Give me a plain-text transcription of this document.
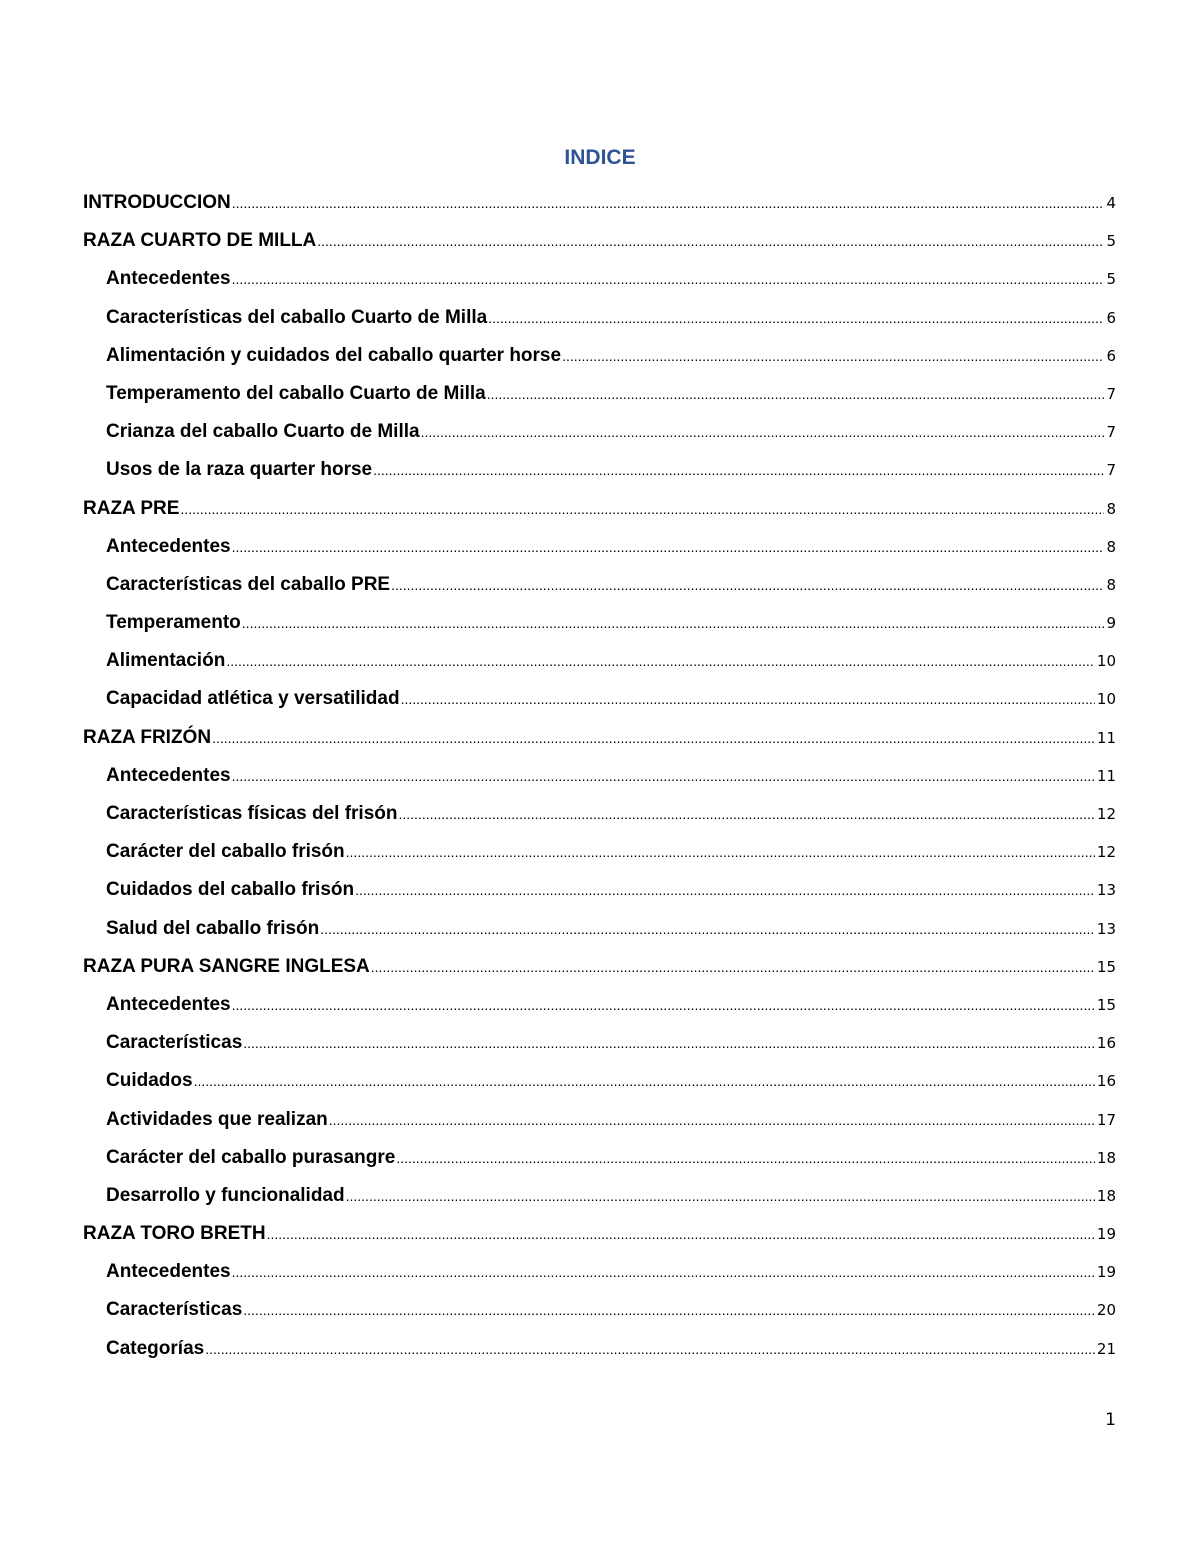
INDICE
INTRODUCCION .....	4
RAZA CUARTO DE MILLA .....	5
Antecedentes .....	5
Características del caballo Cuarto de Milla .....	6
Alimentación y cuidados del caballo quarter horse .....	6
Temperamento del caballo Cuarto de Milla .....	7
Crianza del caballo Cuarto de Milla .....	7
Usos de la raza quarter horse .....	7
RAZA PRE .....	8
Antecedentes .....	8
Características del caballo PRE .....	8
Temperamento .....	9
Alimentación .....	10
Capacidad atlética y versatilidad .....	10
RAZA FRIZÓN .....	11
Antecedentes .....	11
Características físicas del frisón .....	12
Carácter del caballo frisón .....	12
Cuidados del caballo frisón .....	13
Salud del caballo frisón .....	13
RAZA PURA SANGRE INGLESA .....	15
Antecedentes .....	15
Características .....	16
Cuidados .....	16
Actividades que realizan .....	17
Carácter del caballo purasangre .....	18
Desarrollo y funcionalidad .....	18
RAZA TORO BRETH .....	19
Antecedentes .....	19
Características .....	20
Categorías .....	21

1
